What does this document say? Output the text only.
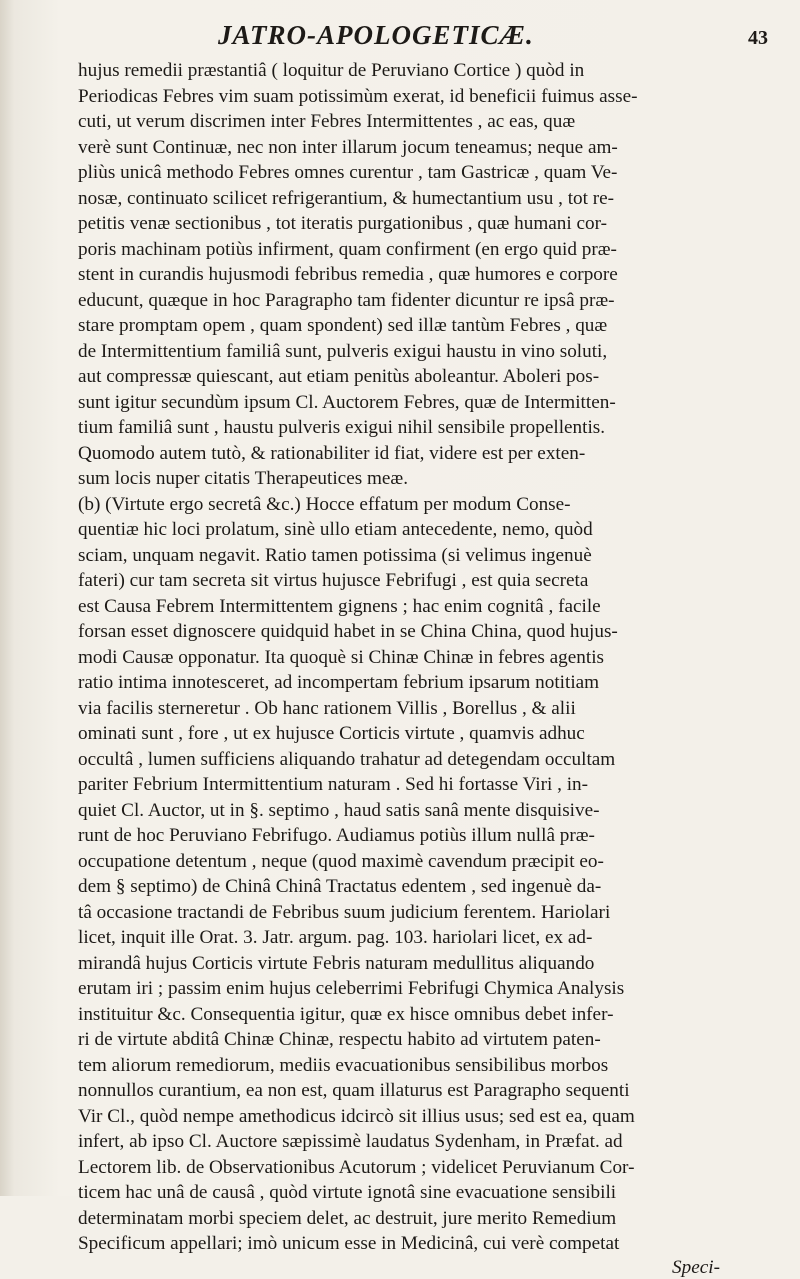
JATRO-APOLOGETICÆ.	43
hujus remedii præstantiâ ( loquitur de Peruviano Cortice ) quòd in
Periodicas Febres vim suam potissimùm exerat, id beneficii fuimus asse-
cuti, ut verum discrimen inter Febres Intermittentes , ac eas, quæ
verè sunt Continuæ, nec non inter illarum jocum teneamus; neque am-
pliùs unicâ methodo Febres omnes curentur , tam Gastricæ , quam Ve-
nosæ, continuato scilicet refrigerantium, & humectantium usu , tot re-
petitis venæ sectionibus , tot iteratis purgationibus , quæ humani cor-
poris machinam potiùs infirment, quam confirment (en ergo quid præ-
stent in curandis hujusmodi febribus remedia , quæ humores e corpore
educunt, quæque in hoc Paragrapho tam fidenter dicuntur re ipsâ præ-
stare promptam opem , quam spondent) sed illæ tantùm Febres , quæ
de Intermittentium familiâ sunt, pulveris exigui haustu in vino soluti,
aut compressæ quiescant, aut etiam penitùs aboleantur. Aboleri pos-
sunt igitur secundùm ipsum Cl. Auctorem Febres, quæ de Intermitten-
tium familiâ sunt , haustu pulveris exigui nihil sensibile propellentis.
Quomodo autem tutò, & rationabiliter id fiat, videre est per exten-
sum locis nuper citatis Therapeutices meæ.
(b) (Virtute ergo secretâ &c.) Hocce effatum per modum Conse-
quentiæ hic loci prolatum, sinè ullo etiam antecedente, nemo, quòd
sciam, unquam negavit. Ratio tamen potissima (si velimus ingenuè
fateri) cur tam secreta sit virtus hujusce Febrifugi , est quia secreta
est Causa Febrem Intermittentem gignens ; hac enim cognitâ , facile
forsan esset dignoscere quidquid habet in se China China, quod hujus-
modi Causæ opponatur. Ita quoquè si Chinæ Chinæ in febres agentis
ratio intima innotesceret, ad incompertam febrium ipsarum notitiam
via facilis sterneretur . Ob hanc rationem Villis , Borellus , & alii
ominati sunt , fore , ut ex hujusce Corticis virtute , quamvis adhuc
occultâ , lumen sufficiens aliquando trahatur ad detegendam occultam
pariter Febrium Intermittentium naturam . Sed hi fortasse Viri , in-
quiet Cl. Auctor, ut in §. septimo , haud satis sanâ mente disquisive-
runt de hoc Peruviano Febrifugo. Audiamus potiùs illum nullâ præ-
occupatione detentum , neque (quod maximè cavendum præcipit eo-
dem § septimo) de Chinâ Chinâ Tractatus edentem , sed ingenuè da-
tâ occasione tractandi de Febribus suum judicium ferentem. Hariolari
licet, inquit ille Orat. 3. Jatr. argum. pag. 103. hariolari licet, ex ad-
mirandâ hujus Corticis virtute Febris naturam medullitus aliquando
erutam iri ; passim enim hujus celeberrimi Febrifugi Chymica Analysis
instituitur &c. Consequentia igitur, quæ ex hisce omnibus debet infer-
ri de virtute abditâ Chinæ Chinæ, respectu habito ad virtutem paten-
tem aliorum remediorum, mediis evacuationibus sensibilibus morbos
nonnullos curantium, ea non est, quam illaturus est Paragrapho sequenti
Vir Cl., quòd nempe amethodicus idcircò sit illius usus; sed est ea, quam
infert, ab ipso Cl. Auctore sæpissimè laudatus Sydenham, in Præfat. ad
Lectorem lib. de Observationibus Acutorum ; videlicet Peruvianum Cor-
ticem hac unâ de causâ , quòd virtute ignotâ sine evacuatione sensibili
determinatam morbi speciem delet, ac destruit, jure merito Remedium
Specificum appellari; imò unicum esse in Medicinâ, cui verè competat
Speci-
